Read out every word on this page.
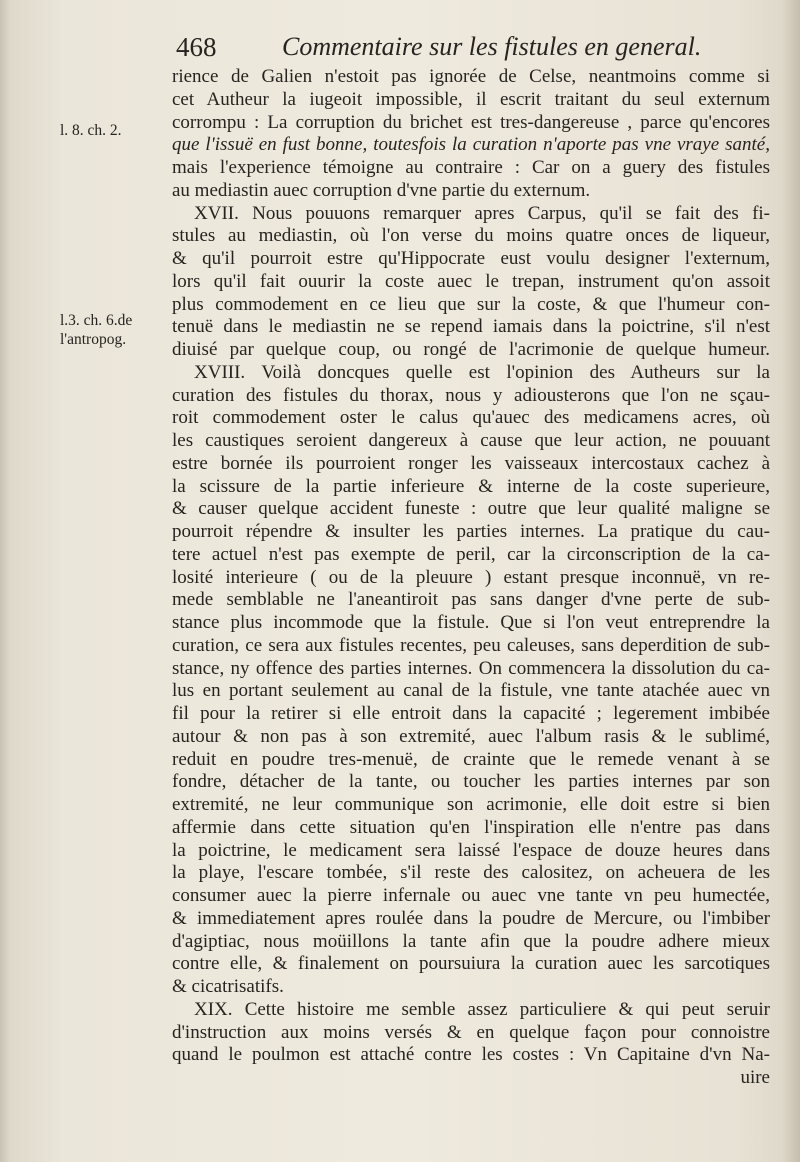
468	Commentaire sur les fistules en general.
l. 8. ch. 2.
l.3. ch. 6.de
l'antropog.
rience de Galien n'estoit pas ignorée de Celse, neantmoins comme si
cet Autheur la iugeoit impossible, il escrit traitant du seul externum
corrompu : La corruption du brichet est tres-dangereuse , parce qu'encores
que l'issuë en fust bonne, toutesfois la curation n'aporte pas vne vraye santé,
mais l'experience témoigne au contraire : Car on a guery des fistules
au mediastin auec corruption d'vne partie du externum.
XVII. Nous pouuons remarquer apres Carpus, qu'il se fait des fi-
stules au mediastin, où l'on verse du moins quatre onces de liqueur,
& qu'il pourroit estre qu'Hippocrate eust voulu designer l'externum,
lors qu'il fait ouurir la coste auec le trepan, instrument qu'on assoit
plus commodement en ce lieu que sur la coste, & que l'humeur con-
tenuë dans le mediastin ne se repend iamais dans la poictrine, s'il n'est
diuisé par quelque coup, ou rongé de l'acrimonie de quelque humeur.
XVIII. Voilà doncques quelle est l'opinion des Autheurs sur la
curation des fistules du thorax, nous y adiousterons que l'on ne sçau-
roit commodement oster le calus qu'auec des medicamens acres, où
les caustiques seroient dangereux à cause que leur action, ne pouuant
estre bornée ils pourroient ronger les vaisseaux intercostaux cachez à
la scissure de la partie inferieure & interne de la coste superieure,
& causer quelque accident funeste : outre que leur qualité maligne se
pourroit répendre & insulter les parties internes. La pratique du cau-
tere actuel n'est pas exempte de peril, car la circonscription de la ca-
losité interieure ( ou de la pleuure ) estant presque inconnuë, vn re-
mede semblable ne l'aneantiroit pas sans danger d'vne perte de sub-
stance plus incommode que la fistule. Que si l'on veut entreprendre la
curation, ce sera aux fistules recentes, peu caleuses, sans deperdition de sub-
stance, ny offence des parties internes. On commencera la dissolution du ca-
lus en portant seulement au canal de la fistule, vne tante atachée auec vn
fil pour la retirer si elle entroit dans la capacité ; legerement imbibée
autour & non pas à son extremité, auec l'album rasis & le sublimé,
reduit en poudre tres-menuë, de crainte que le remede venant à se
fondre, détacher de la tante, ou toucher les parties internes par son
extremité, ne leur communique son acrimonie, elle doit estre si bien
affermie dans cette situation qu'en l'inspiration elle n'entre pas dans
la poictrine, le medicament sera laissé l'espace de douze heures dans
la playe, l'escare tombée, s'il reste des calositez, on acheuera de les
consumer auec la pierre infernale ou auec vne tante vn peu humectée,
& immediatement apres roulée dans la poudre de Mercure, ou l'imbiber
d'agiptiac, nous moüillons la tante afin que la poudre adhere mieux
contre elle, & finalement on poursuiura la curation auec les sarcotiques
& cicatrisatifs.
XIX. Cette histoire me semble assez particuliere & qui peut seruir
d'instruction aux moins versés & en quelque façon pour connoistre
quand le poulmon est attaché contre les costes : Vn Capitaine d'vn Na-
uire
